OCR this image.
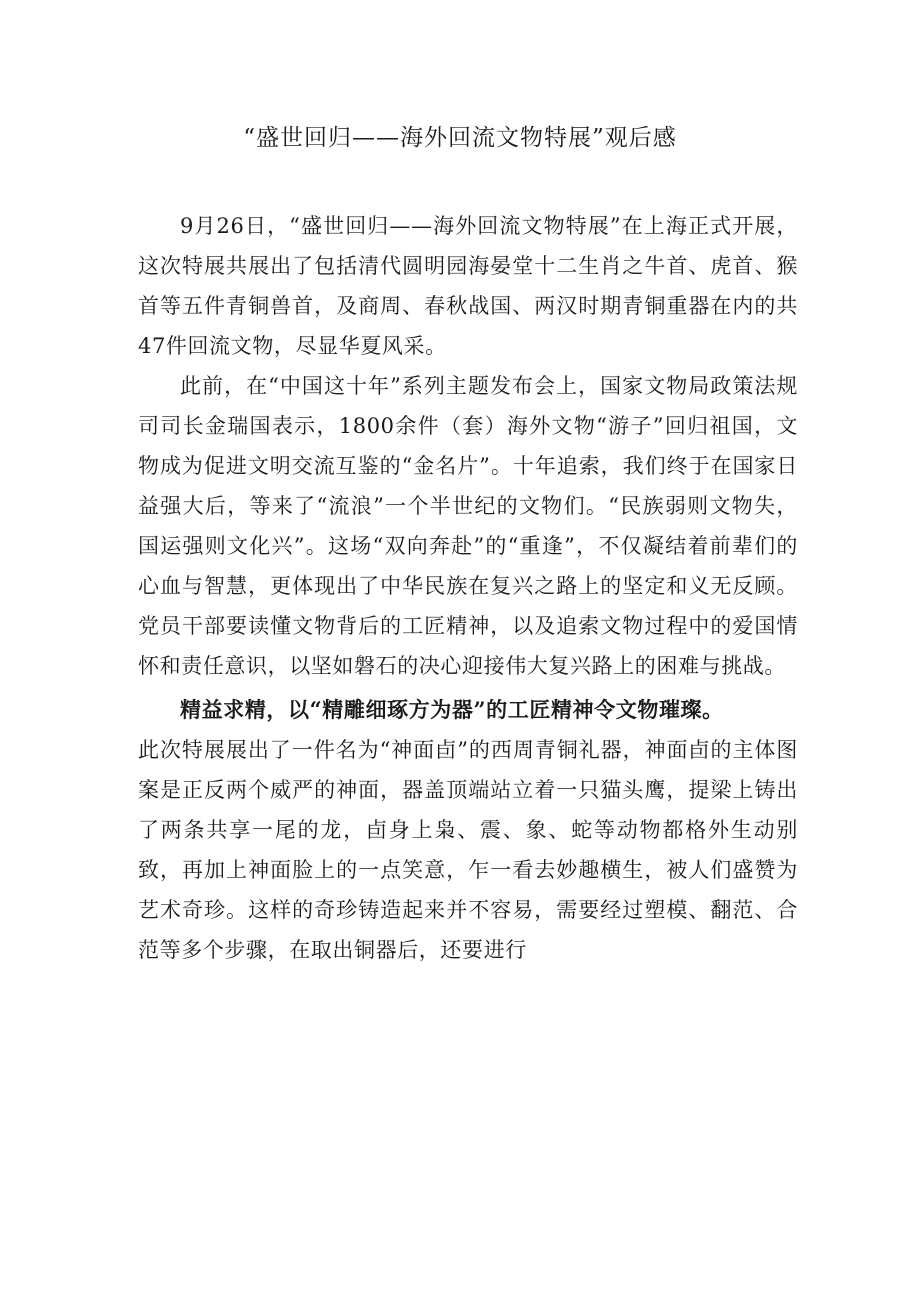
“盛世回归——海外回流文物特展”观后感

9月26日，“盛世回归——海外回流文物特展”在上海正式开展，这次特展共展出了包括清代圆明园海晏堂十二生肖之牛首、虎首、猴首等五件青铜兽首，及商周、春秋战国、两汉时期青铜重器在内的共47件回流文物，尽显华夏风采。

此前，在“中国这十年”系列主题发布会上，国家文物局政策法规司司长金瑞国表示，1800余件（套）海外文物“游子”回归祖国，文物成为促进文明交流互鉴的“金名片”。十年追索，我们终于在国家日益强大后，等来了“流浪”一个半世纪的文物们。“民族弱则文物失，国运强则文化兴”。这场“双向奔赴”的“重逢”，不仅凝结着前辈们的心血与智慧，更体现出了中华民族在复兴之路上的坚定和义无反顾。党员干部要读懂文物背后的工匠精神，以及追索文物过程中的爱国情怀和责任意识，以坚如磐石的决心迎接伟大复兴路上的困难与挑战。

精益求精，以“精雕细琢方为器”的工匠精神令文物璀璨。

此次特展展出了一件名为“神面卣”的西周青铜礼器，神面卣的主体图案是正反两个威严的神面，器盖顶端站立着一只猫头鹰，提梁上铸出了两条共享一尾的龙，卣身上枭、震、象、蛇等动物都格外生动别致，再加上神面脸上的一点笑意，乍一看去妙趣横生，被人们盛赞为艺术奇珍。这样的奇珍铸造起来并不容易，需要经过塑模、翻范、合范等多个步骤，在取出铜器后，还要进行
